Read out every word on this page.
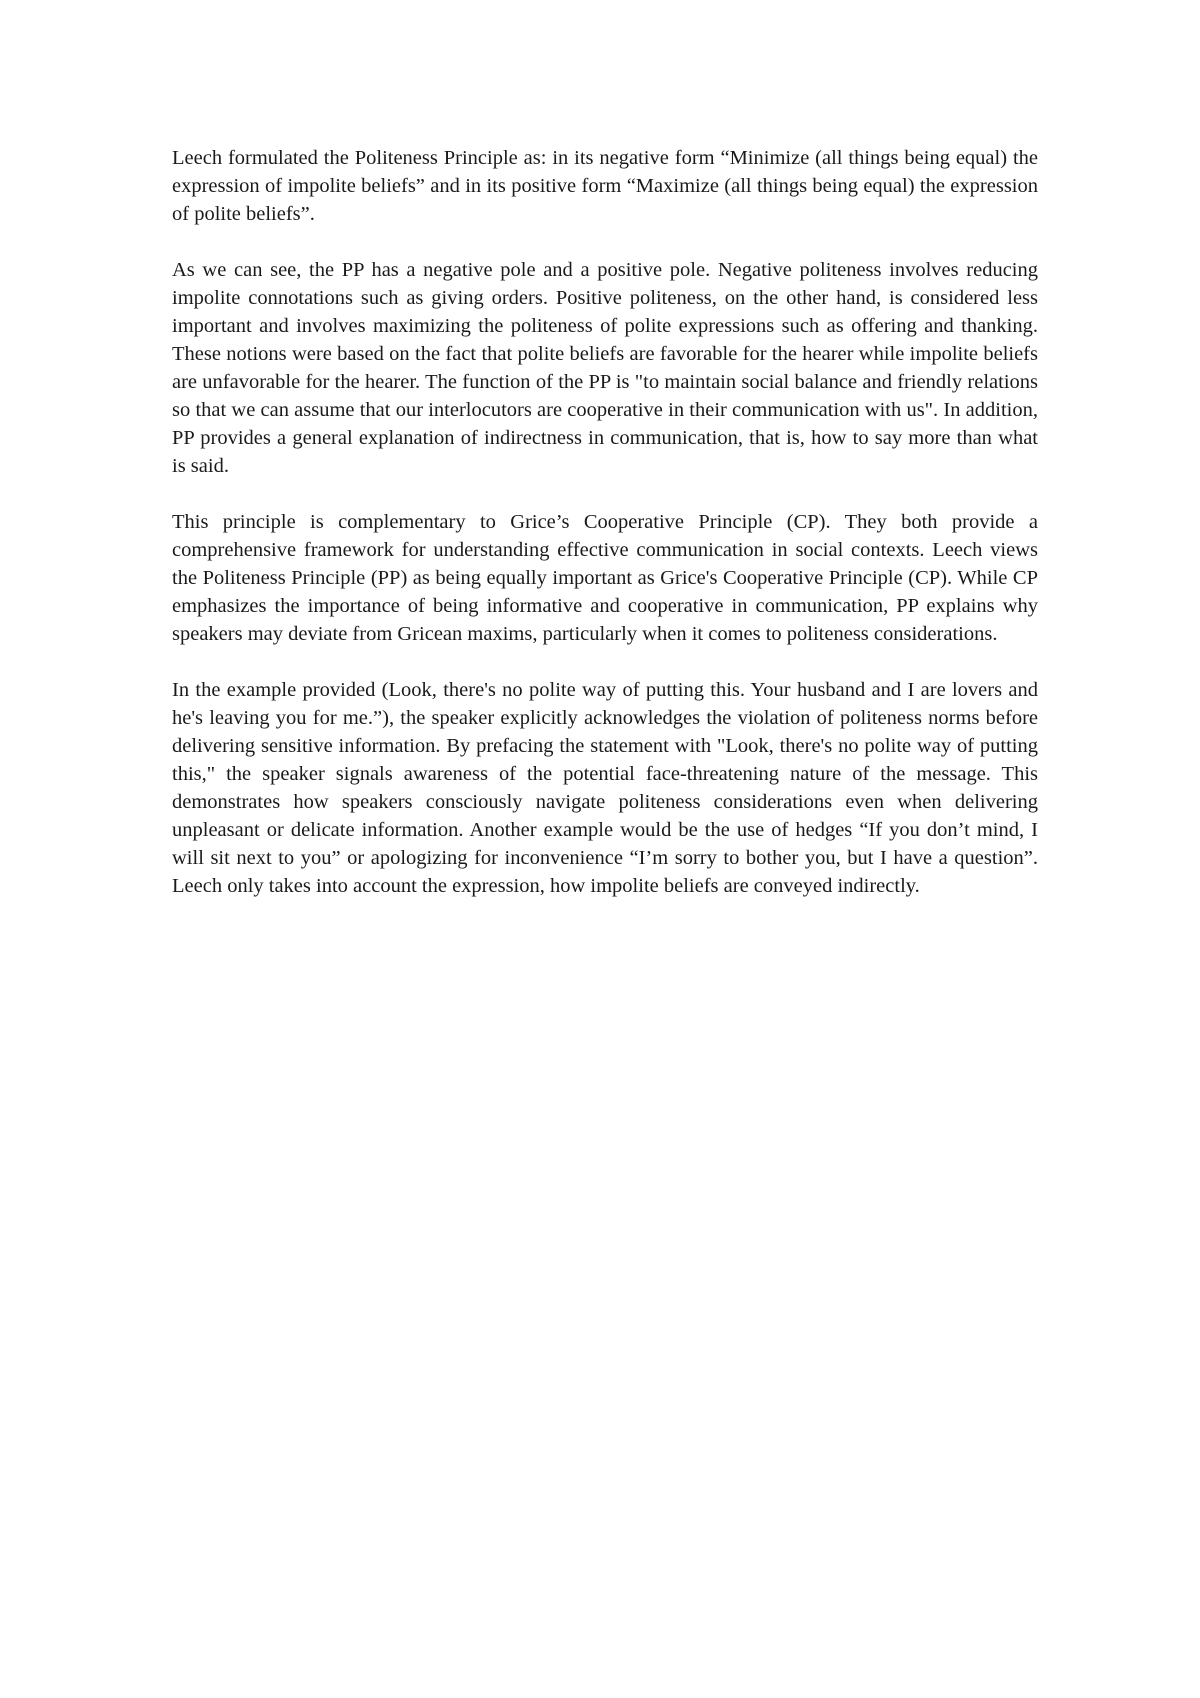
Leech formulated the Politeness Principle as: in its negative form “Minimize (all things being equal) the expression of impolite beliefs” and in its positive form “Maximize (all things being equal) the expression of polite beliefs”.

As we can see, the PP has a negative pole and a positive pole. Negative politeness involves reducing impolite connotations such as giving orders. Positive politeness, on the other hand, is considered less important and involves maximizing the politeness of polite expressions such as offering and thanking. These notions were based on the fact that polite beliefs are favorable for the hearer while impolite beliefs are unfavorable for the hearer. The function of the PP is "to maintain social balance and friendly relations so that we can assume that our interlocutors are cooperative in their communication with us". In addition, PP provides a general explanation of indirectness in communication, that is, how to say more than what is said.

This principle is complementary to Grice’s Cooperative Principle (CP). They both provide a comprehensive framework for understanding effective communication in social contexts. Leech views the Politeness Principle (PP) as being equally important as Grice's Cooperative Principle (CP). While CP emphasizes the importance of being informative and cooperative in communication, PP explains why speakers may deviate from Gricean maxims, particularly when it comes to politeness considerations.

In the example provided (Look, there's no polite way of putting this. Your husband and I are lovers and he's leaving you for me.”), the speaker explicitly acknowledges the violation of politeness norms before delivering sensitive information. By prefacing the statement with "Look, there's no polite way of putting this," the speaker signals awareness of the potential face-threatening nature of the message. This demonstrates how speakers consciously navigate politeness considerations even when delivering unpleasant or delicate information. Another example would be the use of hedges “If you don’t mind, I will sit next to you” or apologizing for inconvenience “I’m sorry to bother you, but I have a question”. Leech only takes into account the expression, how impolite beliefs are conveyed indirectly.
